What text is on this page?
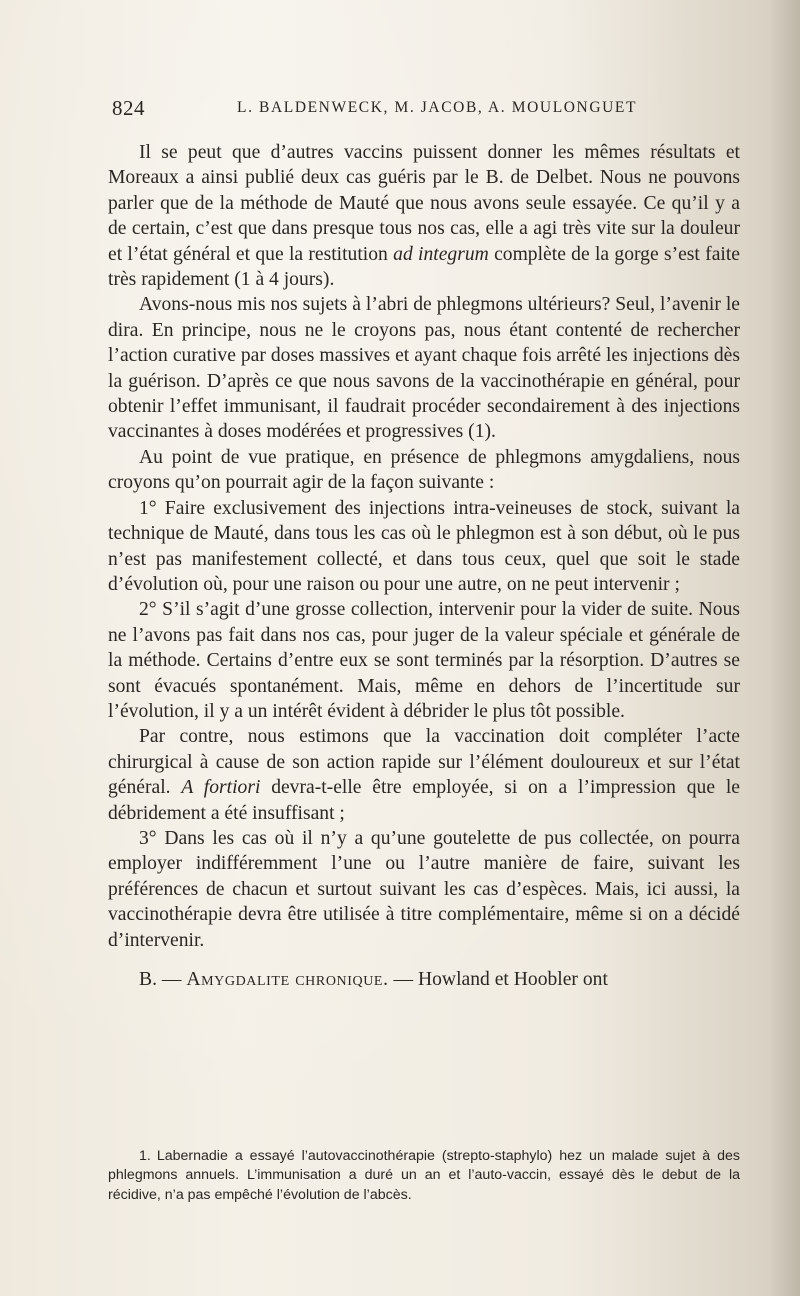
824	L. BALDENWECK, M. JACOB, A. MOULONGUET

Il se peut que d’autres vaccins puissent donner les mêmes résultats et Moreaux a ainsi publié deux cas guéris par le B. de Delbet. Nous ne pouvons parler que de la méthode de Mauté que nous avons seule essayée. Ce qu’il y a de certain, c’est que dans presque tous nos cas, elle a agi très vite sur la douleur et l’état général et que la restitution ad integrum complète de la gorge s’est faite très rapidement (1 à 4 jours).

Avons-nous mis nos sujets à l’abri de phlegmons ultérieurs? Seul, l’avenir le dira. En principe, nous ne le croyons pas, nous étant contenté de rechercher l’action curative par doses massives et ayant chaque fois arrêté les injections dès la guérison. D’après ce que nous savons de la vaccinothérapie en général, pour obtenir l’effet immunisant, il faudrait procéder secondairement à des injections vaccinantes à doses modérées et progressives (1).

Au point de vue pratique, en présence de phlegmons amygdaliens, nous croyons qu’on pourrait agir de la façon suivante :

1° Faire exclusivement des injections intra-veineuses de stock, suivant la technique de Mauté, dans tous les cas où le phlegmon est à son début, où le pus n’est pas manifestement collecté, et dans tous ceux, quel que soit le stade d’évolution où, pour une raison ou pour une autre, on ne peut intervenir ;

2° S’il s’agit d’une grosse collection, intervenir pour la vider de suite. Nous ne l’avons pas fait dans nos cas, pour juger de la valeur spéciale et générale de la méthode. Certains d’entre eux se sont terminés par la résorption. D’autres se sont évacués spontanément. Mais, même en dehors de l’incertitude sur l’évolution, il y a un intérêt évident à débrider le plus tôt possible.

Par contre, nous estimons que la vaccination doit compléter l’acte chirurgical à cause de son action rapide sur l’élément douloureux et sur l’état général. A fortiori devra-t-elle être employée, si on a l’impression que le débridement a été insuffisant ;

3° Dans les cas où il n’y a qu’une goutelette de pus collectée, on pourra employer indifféremment l’une ou l’autre manière de faire, suivant les préférences de chacun et surtout suivant les cas d’espèces. Mais, ici aussi, la vaccinothérapie devra être utilisée à titre complémentaire, même si on a décidé d’intervenir.

B. — Amygdalite chronique. — Howland et Hoobler ont

1. Labernadie a essayé l’autovaccinothérapie (strepto-staphylo) hez un malade sujet à des phlegmons annuels. L’immunisation a duré un an et l’auto-vaccin, essayé dès le debut de la récidive, n’a pas empêché l’évolution de l’abcès.
